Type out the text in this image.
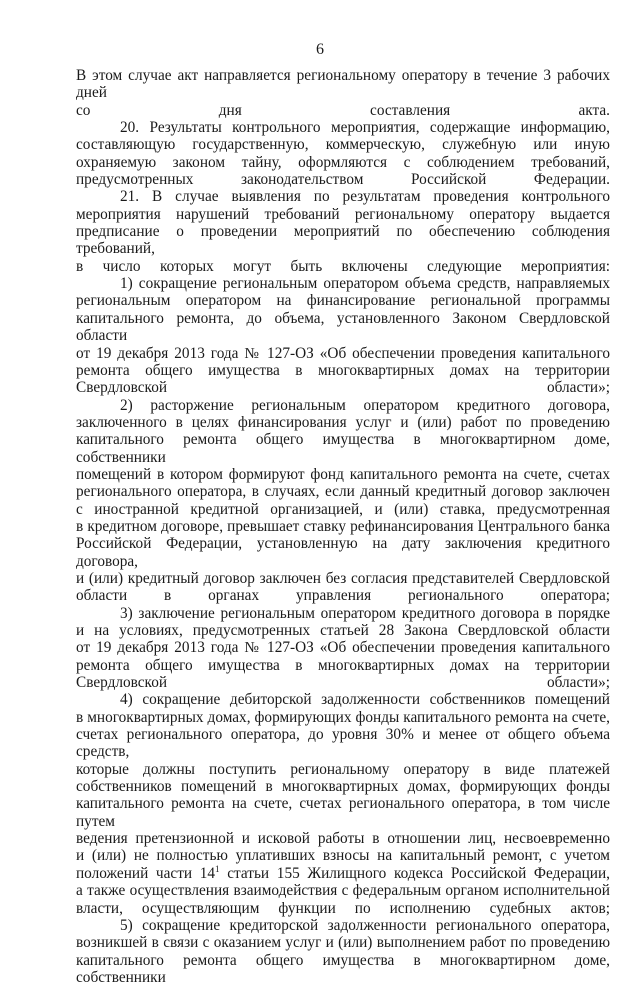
6

В этом случае акт направляется региональному оператору в течение 3 рабочих дней
со дня составления акта.

20. Результаты контрольного мероприятия, содержащие информацию,
составляющую государственную, коммерческую, служебную или иную
охраняемую законом тайну, оформляются с соблюдением требований,
предусмотренных законодательством Российской Федерации.

21. В случае выявления по результатам проведения контрольного
мероприятия нарушений требований региональному оператору выдается
предписание о проведении мероприятий по обеспечению соблюдения требований,
в число которых могут быть включены следующие мероприятия:

1) сокращение региональным оператором объема средств, направляемых
региональным оператором на финансирование региональной программы
капитального ремонта, до объема, установленного Законом Свердловской области
от 19 декабря 2013 года № 127-ОЗ «Об обеспечении проведения капитального
ремонта общего имущества в многоквартирных домах на территории
Свердловской области»;

2) расторжение региональным оператором кредитного договора,
заключенного в целях финансирования услуг и (или) работ по проведению
капитального ремонта общего имущества в многоквартирном доме, собственники
помещений в котором формируют фонд капитального ремонта на счете, счетах
регионального оператора, в случаях, если данный кредитный договор заключен
с иностранной кредитной организацией, и (или) ставка, предусмотренная
в кредитном договоре, превышает ставку рефинансирования Центрального банка
Российской Федерации, установленную на дату заключения кредитного договора,
и (или) кредитный договор заключен без согласия представителей Свердловской
области в органах управления регионального оператора;

3) заключение региональным оператором кредитного договора в порядке
и на условиях, предусмотренных статьей 28 Закона Свердловской области
от 19 декабря 2013 года № 127-ОЗ «Об обеспечении проведения капитального
ремонта общего имущества в многоквартирных домах на территории
Свердловской области»;

4) сокращение дебиторской задолженности собственников помещений
в многоквартирных домах, формирующих фонды капитального ремонта на счете,
счетах регионального оператора, до уровня 30% и менее от общего объема средств,
которые должны поступить региональному оператору в виде платежей
собственников помещений в многоквартирных домах, формирующих фонды
капитального ремонта на счете, счетах регионального оператора, в том числе путем
ведения претензионной и исковой работы в отношении лиц, несвоевременно
и (или) не полностью уплативших взносы на капитальный ремонт, с учетом
положений части $14^1$ статьи 155 Жилищного кодекса Российской Федерации,
а также осуществления взаимодействия с федеральным органом исполнительной
власти, осуществляющим функции по исполнению судебных актов;

5) сокращение кредиторской задолженности регионального оператора,
возникшей в связи с оказанием услуг и (или) выполнением работ по проведению
капитального ремонта общего имущества в многоквартирном доме, собственники
